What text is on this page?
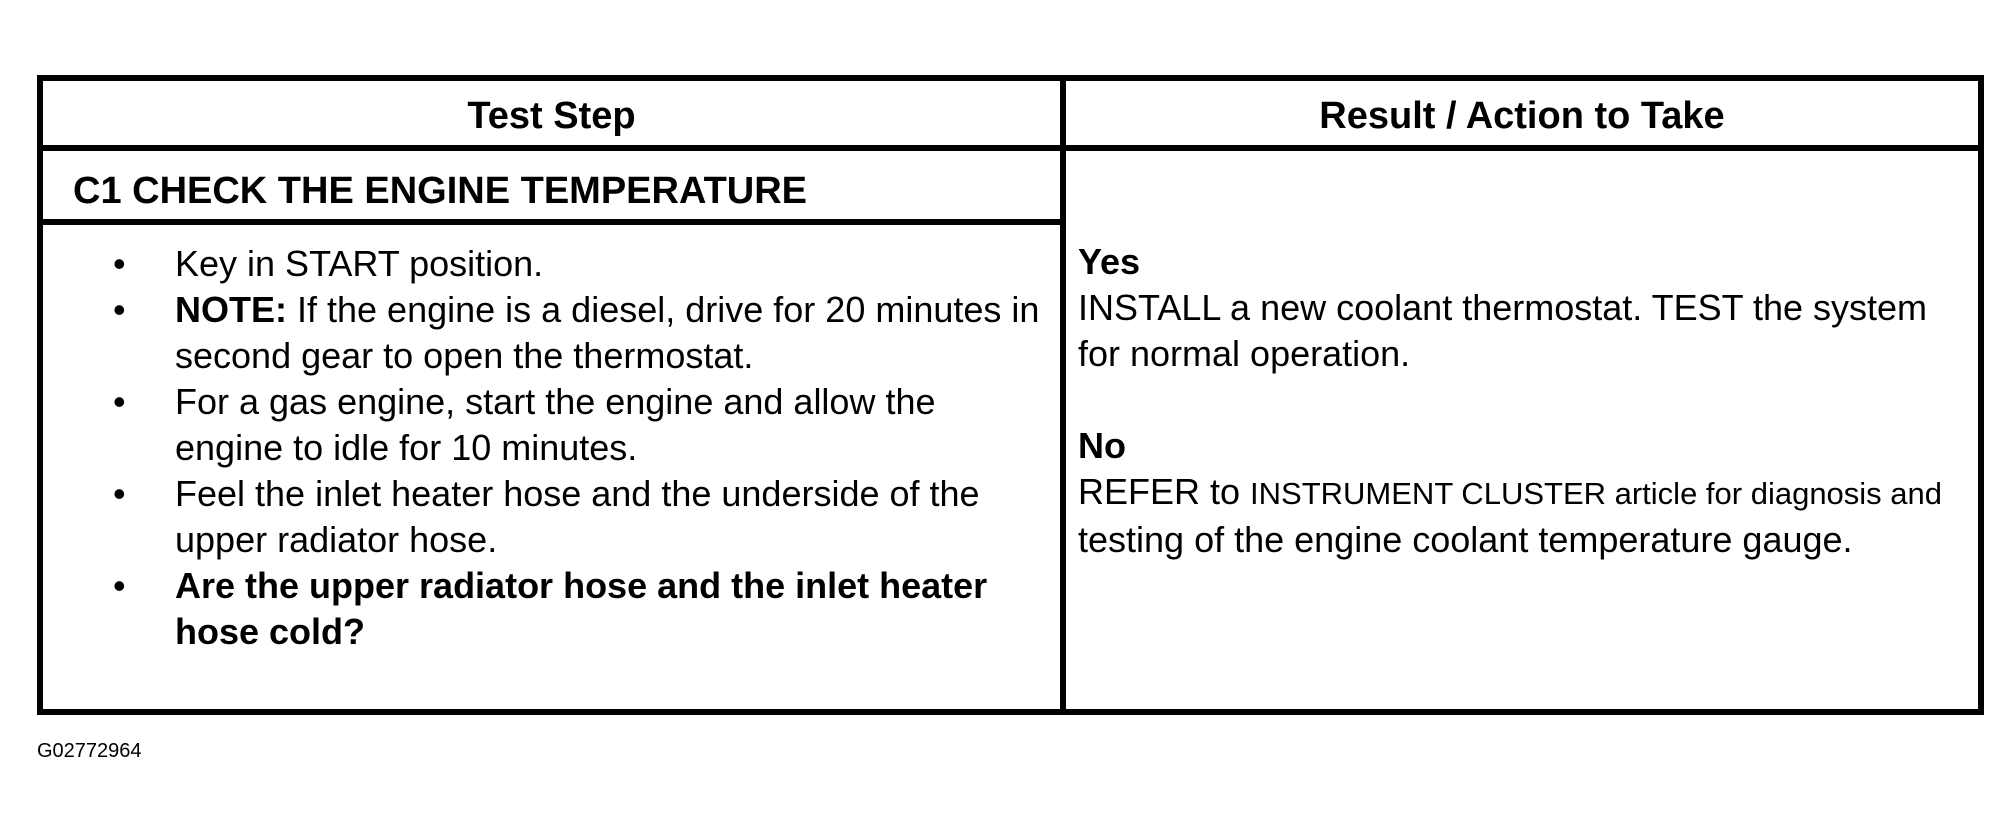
Test Step	Result / Action to Take
C1 CHECK THE ENGINE TEMPERATURE
• Key in START position.
• NOTE: If the engine is a diesel, drive for 20 minutes in second gear to open the thermostat.
• For a gas engine, start the engine and allow the engine to idle for 10 minutes.
• Feel the inlet heater hose and the underside of the upper radiator hose.
• Are the upper radiator hose and the inlet heater hose cold?
Yes
INSTALL a new coolant thermostat. TEST the system for normal operation.
No
REFER to INSTRUMENT CLUSTER article for diagnosis and testing of the engine coolant temperature gauge.
G02772964
